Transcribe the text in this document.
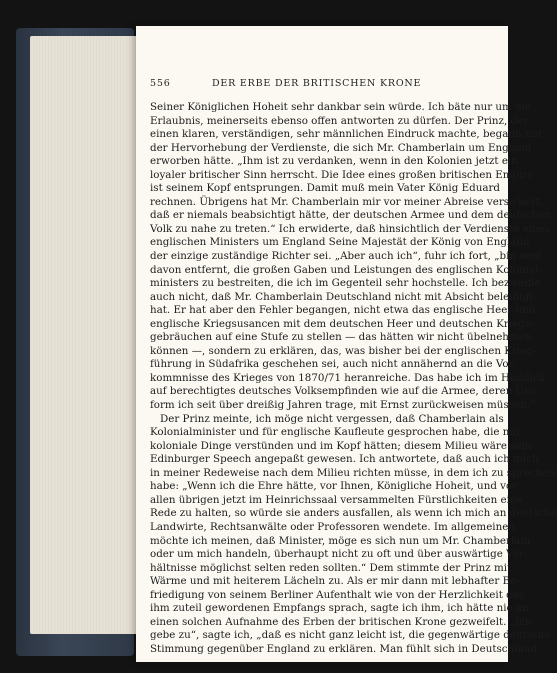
556	DER ERBE DER BRITISCHEN KRONE
Seiner Königlichen Hoheit sehr dankbar sein würde. Ich bäte nur um die
Erlaubnis, meinerseits ebenso offen antworten zu dürfen. Der Prinz, der
einen klaren, verständigen, sehr männlichen Eindruck machte, begann mit
der Hervorhebung der Verdienste, die sich Mr. Chamberlain um England
erworben hätte. „Ihm ist zu verdanken, wenn in den Kolonien jetzt ein
loyaler britischer Sinn herrscht. Die Idee eines großen britischen Empire
ist seinem Kopf entsprungen. Damit muß mein Vater König Eduard
rechnen. Übrigens hat Mr. Chamberlain mir vor meiner Abreise versichert,
daß er niemals beabsichtigt hätte, der deutschen Armee und dem deutschen
Volk zu nahe zu treten.“ Ich erwiderte, daß hinsichtlich der Verdienste eines
englischen Ministers um England Seine Majestät der König von England
der einzige zuständige Richter sei. „Aber auch ich“, fuhr ich fort, „bin weit
davon entfernt, die großen Gaben und Leistungen des englischen Kolonial-
ministers zu bestreiten, die ich im Gegenteil sehr hochstelle. Ich bezweifle
auch nicht, daß Mr. Chamberlain Deutschland nicht mit Absicht beleidigt
hat. Er hat aber den Fehler begangen, nicht etwa das englische Heer und
englische Kriegsusancen mit dem deutschen Heer und deutschen Kriegs-
gebräuchen auf eine Stufe zu stellen — das hätten wir nicht übelnehmen
können —, sondern zu erklären, das, was bisher bei der englischen Krieg-
führung in Südafrika geschehen sei, auch nicht annähernd an die Vor-
kommnisse des Krieges von 1870/71 heranreiche. Das habe ich im Hinblick
auf berechtigtes deutsches Volksempfinden wie auf die Armee, deren Uni-
form ich seit über dreißig Jahren trage, mit Ernst zurückweisen müssen.“
Der Prinz meinte, ich möge nicht vergessen, daß Chamberlain als
Kolonialminister und für englische Kaufleute gesprochen habe, die nur
koloniale Dinge verstünden und im Kopf hätten; diesem Milieu wäre sein
Edinburger Speech angepaßt gewesen. Ich antwortete, daß auch ich mich
in meiner Redeweise nach dem Milieu richten müsse, in dem ich zu sprechen
habe: „Wenn ich die Ehre hätte, vor Ihnen, Königliche Hoheit, und vor
allen übrigen jetzt im Heinrichssaal versammelten Fürstlichkeiten eine
Rede zu halten, so würde sie anders ausfallen, als wenn ich mich an deutsche
Landwirte, Rechtsanwälte oder Professoren wendete. Im allgemeinen
möchte ich meinen, daß Minister, möge es sich nun um Mr. Chamberlain
oder um mich handeln, überhaupt nicht zu oft und über auswärtige Ver-
hältnisse möglichst selten reden sollten.“ Dem stimmte der Prinz mit
Wärme und mit heiterem Lächeln zu. Als er mir dann mit lebhafter Be-
friedigung von seinem Berliner Aufenthalt wie von der Herzlichkeit des
ihm zuteil gewordenen Empfangs sprach, sagte ich ihm, ich hätte nie an
einen solchen Aufnahme des Erben der britischen Krone gezweifelt. „Ich
gebe zu“, sagte ich, „daß es nicht ganz leicht ist, die gegenwärtige deutsche
Stimmung gegenüber England zu erklären. Man fühlt sich in Deutschland
